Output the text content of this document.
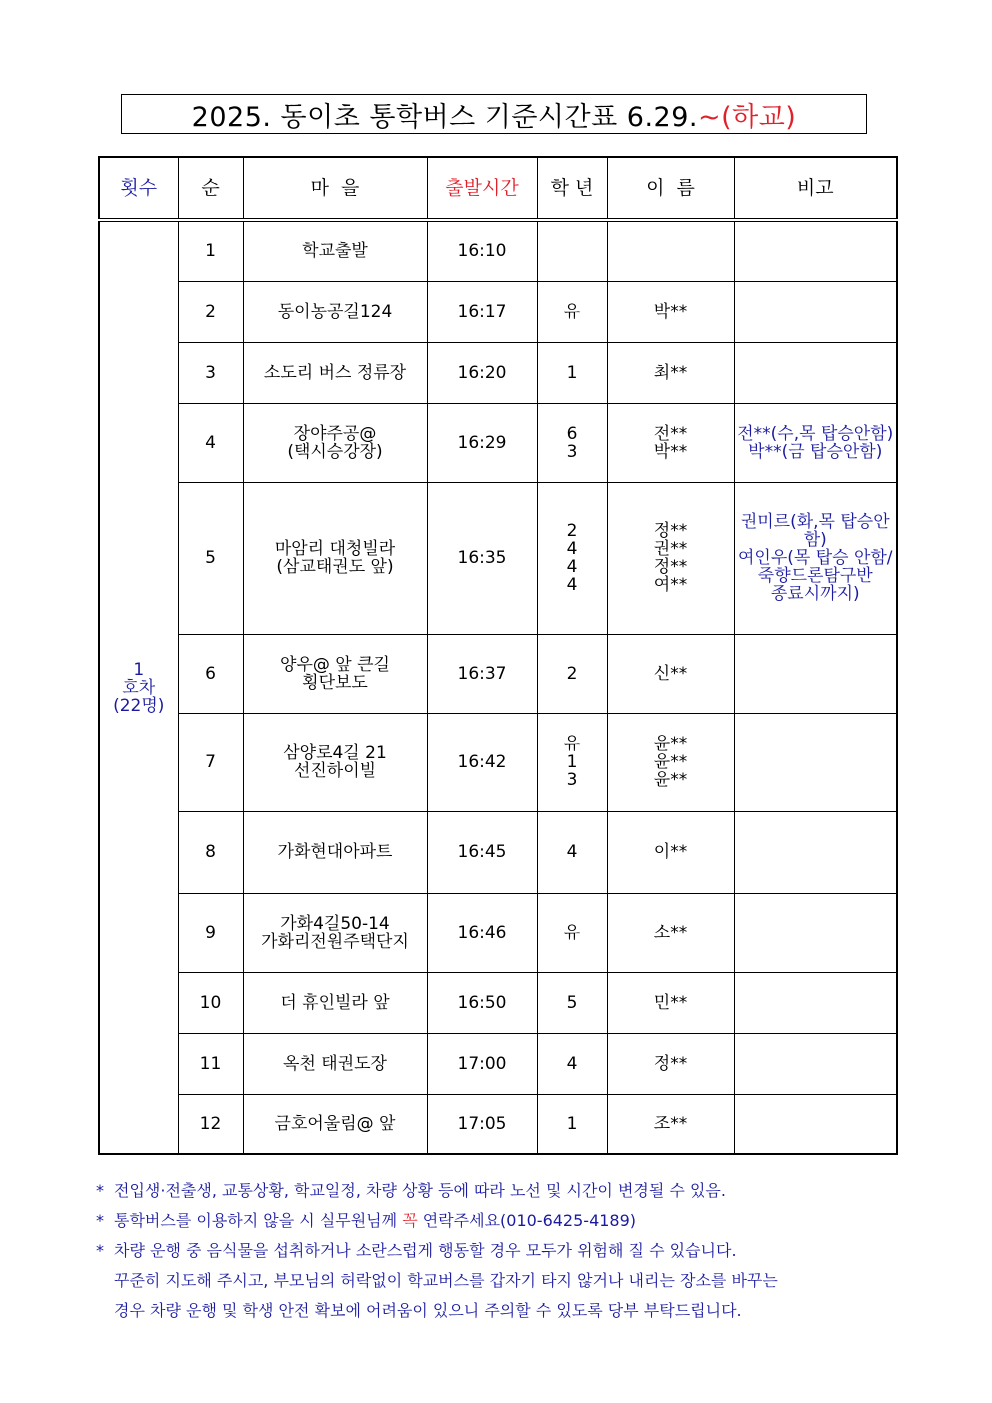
2025. 동이초 통학버스 기준시간표 6.29. ~(하교)
횟수	순	마  을	출발시간	학 년	이  름	비고

1
호차
(22명)	1	학교출발	16:10			
	2	동이농공길124	16:17	유	박**	

	3	소도리 버스 정류장	16:20	1	최**	

	4	장야주공@
(택시승강장)	16:29	6
3	전**
박**	전**(수,목 탑승안함)
박**(금 탑승안함)

	5	마암리 대청빌라
(삼교태권도 앞)	16:35	2
4
4
4	정**
권**
정**
여**	권미르(화,목 탑승안함)
여인우(목 탑승 안함/
죽향드론탐구반
종료시까지)

	6	양우@ 앞 큰길
횡단보도	16:37	2	신**	

	7	삼양로4길 21
선진하이빌	16:42	유
1
3	윤**
윤**
윤**	

	8	가화현대아파트	16:45	4	이**	

	9	가화4길50-14
가화리전원주택단지	16:46	유	소**	

	10	더 휴인빌라 앞	16:50	5	민**	

	11	옥천 태권도장	17:00	4	정**	

	12	금호어울림@ 앞	17:05	1	조**	

* 전입생·전출생, 교통상황, 학교일정, 차량 상황 등에 따라 노선 및 시간이 변경될 수 있음.
* 통학버스를 이용하지 않을 시 실무원님께 꼭 연락주세요(010-6425-4189)
* 차량 운행 중 음식물을 섭취하거나 소란스럽게 행동할 경우 모두가 위험해 질 수 있습니다.
꾸준히 지도해 주시고, 부모님의 허락없이 학교버스를 갑자기 타지 않거나 내리는 장소를 바꾸는
경우 차량 운행 및 학생 안전 확보에 어려움이 있으니 주의할 수 있도록 당부 부탁드립니다.
